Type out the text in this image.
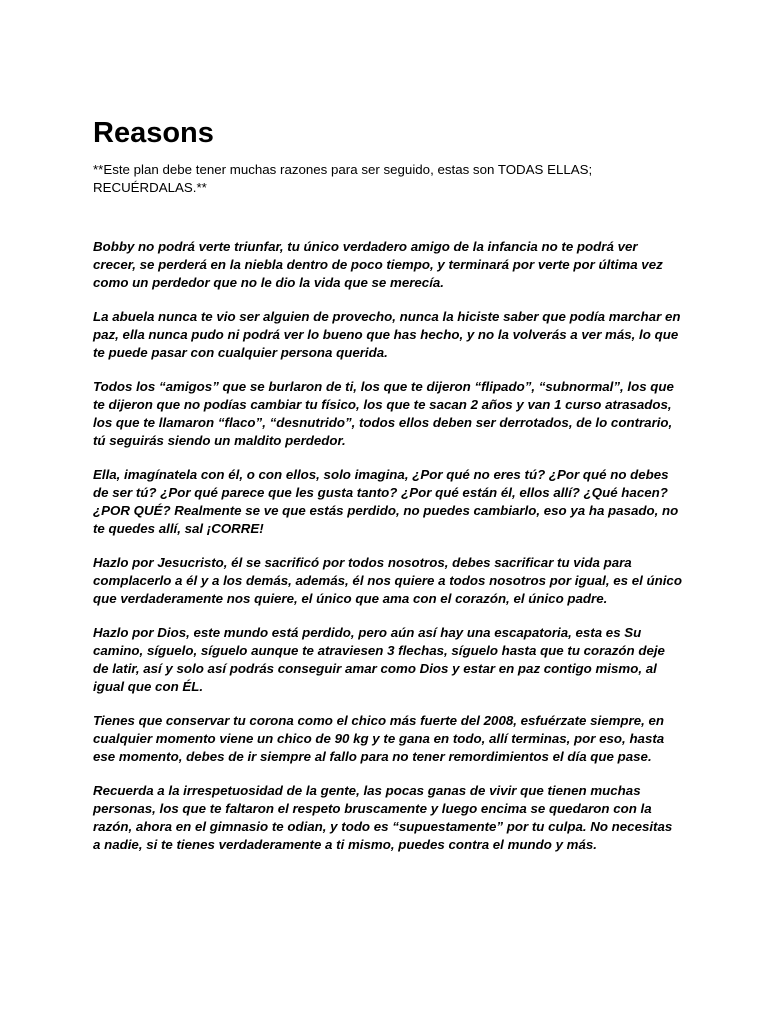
Reasons

**Este plan debe tener muchas razones para ser seguido, estas son TODAS ELLAS; RECUÉRDALAS.**

Bobby no podrá verte triunfar, tu único verdadero amigo de la infancia no te podrá ver crecer, se perderá en la niebla dentro de poco tiempo, y terminará por verte por última vez como un perdedor que no le dio la vida que se merecía.

La abuela nunca te vio ser alguien de provecho, nunca la hiciste saber que podía marchar en paz, ella nunca pudo ni podrá ver lo bueno que has hecho, y no la volverás a ver más, lo que te puede pasar con cualquier persona querida.

Todos los “amigos” que se burlaron de ti, los que te dijeron “flipado”, “subnormal”, los que te dijeron que no podías cambiar tu físico, los que te sacan 2 años y van 1 curso atrasados, los que te llamaron “flaco”, “desnutrido”, todos ellos deben ser derrotados, de lo contrario, tú seguirás siendo un maldito perdedor.

Ella, imagínatela con él, o con ellos, solo imagina, ¿Por qué no eres tú? ¿Por qué no debes de ser tú? ¿Por qué parece que les gusta tanto? ¿Por qué están él, ellos allí? ¿Qué hacen? ¿POR QUÉ? Realmente se ve que estás perdido, no puedes cambiarlo, eso ya ha pasado, no te quedes allí, sal ¡CORRE!

Hazlo por Jesucristo, él se sacrificó por todos nosotros, debes sacrificar tu vida para complacerlo a él y a los demás, además, él nos quiere a todos nosotros por igual, es el único que verdaderamente nos quiere, el único que ama con el corazón, el único padre.

Hazlo por Dios, este mundo está perdido, pero aún así hay una escapatoria, esta es Su camino, síguelo, síguelo aunque te atraviesen 3 flechas, síguelo hasta que tu corazón deje de latir, así y solo así podrás conseguir amar como Dios y estar en paz contigo mismo, al igual que con ÉL.

Tienes que conservar tu corona como el chico más fuerte del 2008, esfuérzate siempre, en cualquier momento viene un chico de 90 kg y te gana en todo, allí terminas, por eso, hasta ese momento, debes de ir siempre al fallo para no tener remordimientos el día que pase.

Recuerda a la irrespetuosidad de la gente, las pocas ganas de vivir que tienen muchas personas, los que te faltaron el respeto bruscamente y luego encima se quedaron con la razón, ahora en el gimnasio te odian, y todo es “supuestamente” por tu culpa. No necesitas a nadie, si te tienes verdaderamente a ti mismo, puedes contra el mundo y más.
